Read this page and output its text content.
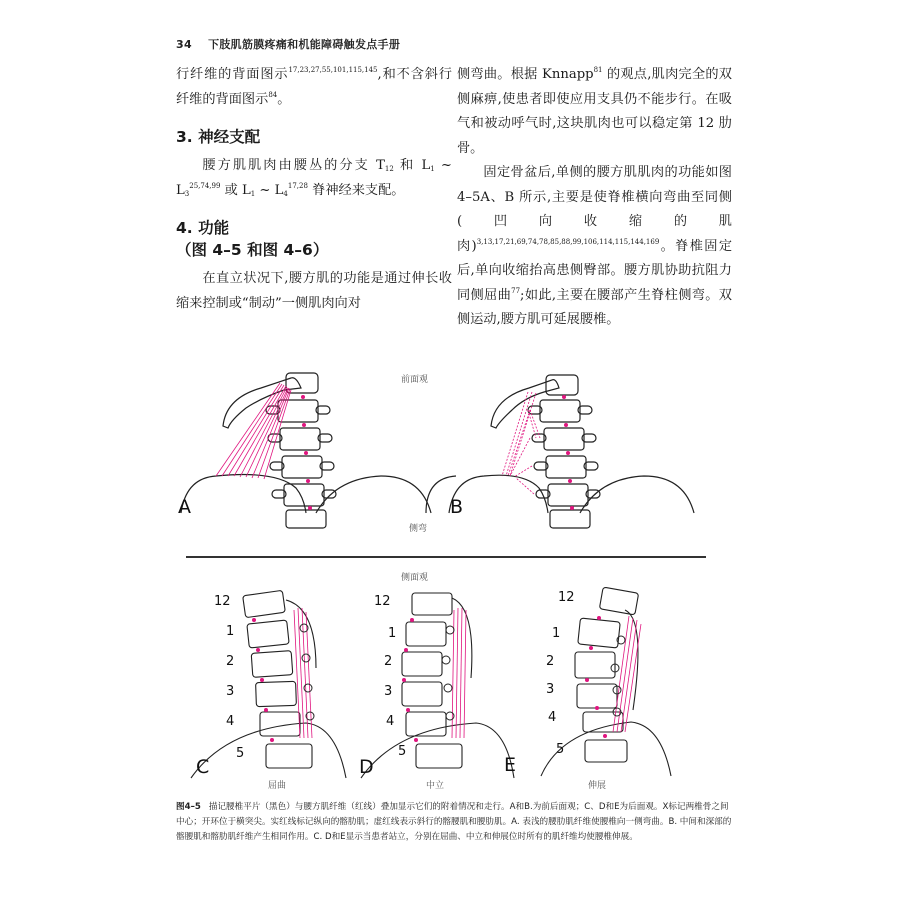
34 下肢肌筋膜疼痛和机能障碍触发点手册

行纤维的背面图示$^{17,23,27,55,101,115,145}$,和不含斜行纤维的背面图示$^{84}$。

3. 神经支配

腰方肌肌肉由腰丛的分支 $T_{12}$ 和 $L_1$ ~ $L_3^{25,74,99}$ 或 $L_1$ ~ $L_4^{17,28}$ 脊神经来支配。

4. 功能
（图 4–5 和图 4–6）

在直立状况下,腰方肌的功能是通过伸长收缩来控制或“制动”一侧肌肉向对

侧弯曲。根据 Knnapp$^{81}$ 的观点,肌肉完全的双侧麻痹,使患者即使应用支具仍不能步行。在吸气和被动呼气时,这块肌肉也可以稳定第 12 肋骨。

固定骨盆后,单侧的腰方肌肌肉的功能如图 4–5A、B 所示,主要是使脊椎横向弯曲至同侧(凹向收缩的肌肉)$^{3,13,17,21,69,74,78,85,88,99,106,114,115,144,169}$。脊椎固定后,单向收缩抬高患侧臀部。腰方肌协助抗阻力同侧屈曲$^{77}$;如此,主要在腰部产生脊柱侧弯。双侧运动,腰方肌可延展腰椎。

A
前面观
侧弯
B
侧面观
12
1
2
3
4
5
C
屈曲
12
1
2
3
4
5
D
中立
12
1
2
3
4
5
E
伸展
图4–5 描记腰椎平片（黑色）与腰方肌纤维（红线）叠加显示它们的附着情况和走行。A和B.为前后面观；C、D和E为后面观。X标记两椎骨之间中心；开环位于横突尖。实红线标记纵向的髂肋肌；虚红线表示斜行的髂腰肌和腰肋肌。A. 表浅的腰肋肌纤维使腰椎向一侧弯曲。B. 中间和深部的髂腰肌和髂肋肌纤维产生相同作用。C. D和E显示当患者站立，分别在屈曲、中立和伸展位时所有的肌纤维均使腰椎伸展。
